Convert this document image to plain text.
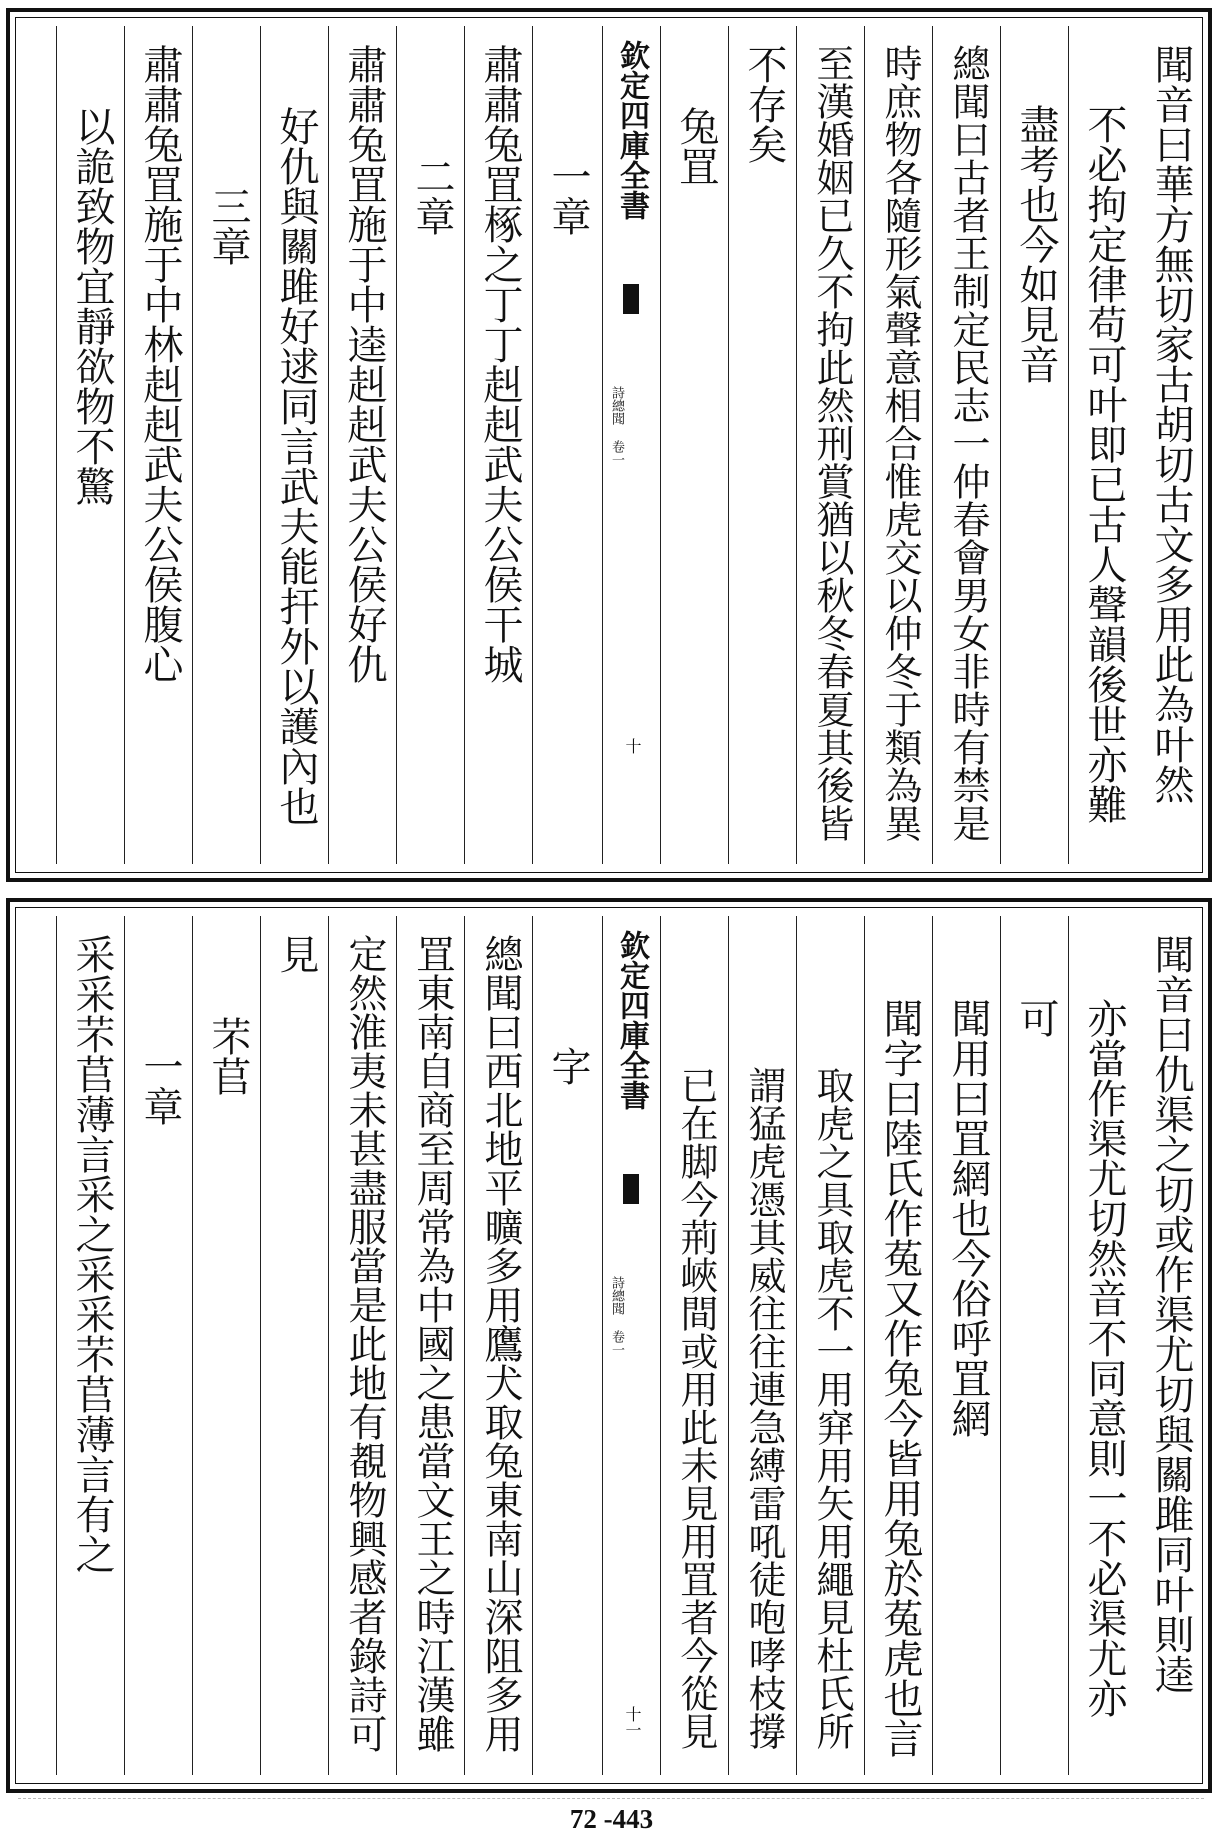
聞音曰華方無切家古胡切古文多用此為叶然
不必拘定律苟可叶即已古人聲韻後世亦難
盡考也今如見音
總聞曰古者王制定民志一仲春會男女非時有禁是
時庶物各隨形氣聲意相合惟虎交以仲冬于類為異
至漢婚姻已久不拘此然刑賞猶以秋冬春夏其後皆
不存矣
兔罝
欽定四庫全書
詩總聞 卷一
十
一章
肅肅兔罝椓之丁丁赳赳武夫公侯干城
二章
肅肅兔罝施于中逵赳赳武夫公侯好仇
好仇與關雎好逑同言武夫能扞外以護內也
三章
肅肅兔罝施于中林赳赳武夫公侯腹心
以詭致物宜靜欲物不驚
聞音曰仇渠之切或作渠尤切與關雎同叶則逵
亦當作渠尤切然音不同意則一不必渠尤亦
可
聞用曰罝網也今俗呼罝網
聞字曰陸氏作菟又作兔今皆用兔於菟虎也言
取虎之具取虎不一用穽用矢用繩見杜氏所
謂猛虎憑其威往往連急縛雷吼徒咆哮枝撐
已在脚今荊峽間或用此未見用罝者今從見
欽定四庫全書
詩總聞 卷一
十一
字
總聞曰西北地平曠多用鷹犬取兔東南山深阻多用
罝東南自商至周常為中國之患當文王之時江漢雖
定然淮夷未甚盡服當是此地有覩物興感者錄詩可
見
芣苢
一章
采采芣苢薄言采之采采芣苢薄言有之
72 -443
